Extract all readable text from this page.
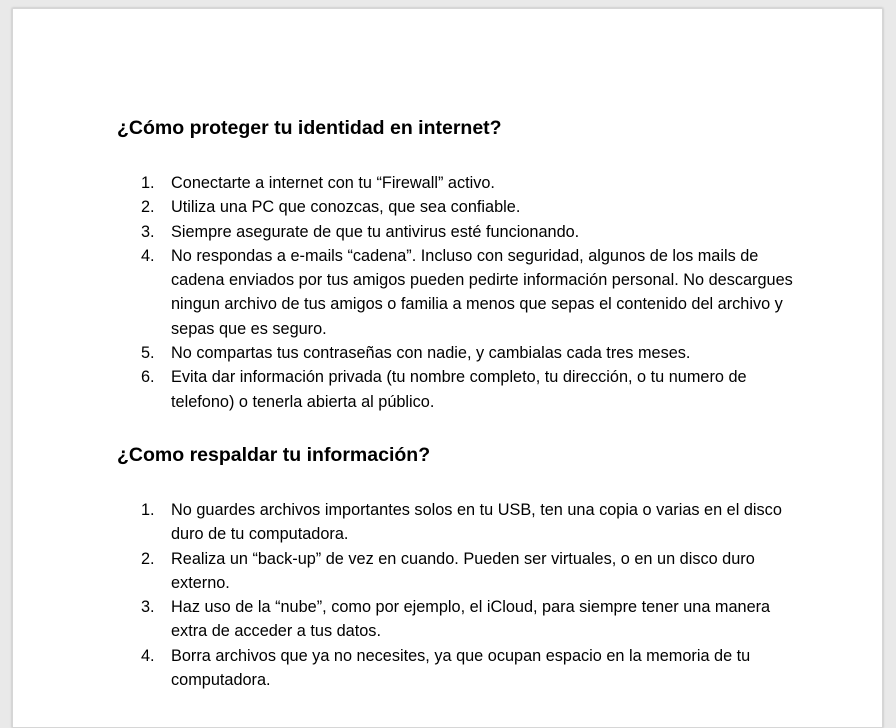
¿Cómo proteger tu identidad en internet?
1. Conectarte a internet con tu “Firewall” activo.
2. Utiliza una PC que conozcas, que sea confiable.
3. Siempre asegurate de que tu antivirus esté funcionando.
4. No respondas a e-mails “cadena”. Incluso con seguridad, algunos de los mails de cadena enviados por tus amigos pueden pedirte información personal. No descargues ningun archivo de tus amigos o familia a menos que sepas el contenido del archivo y sepas que es seguro.
5. No compartas tus contraseñas con nadie, y cambialas cada tres meses.
6. Evita dar información privada (tu nombre completo, tu dirección, o tu numero de telefono) o tenerla abierta al público.
¿Como respaldar tu información?
1. No guardes archivos importantes solos en tu USB, ten una copia o varias en el disco duro de tu computadora.
2. Realiza un “back-up” de vez en cuando. Pueden ser virtuales, o en un disco duro externo.
3. Haz uso de la “nube”, como por ejemplo, el iCloud, para siempre tener una manera extra de acceder a tus datos.
4. Borra archivos que ya no necesites, ya que ocupan espacio en la memoria de tu computadora.
